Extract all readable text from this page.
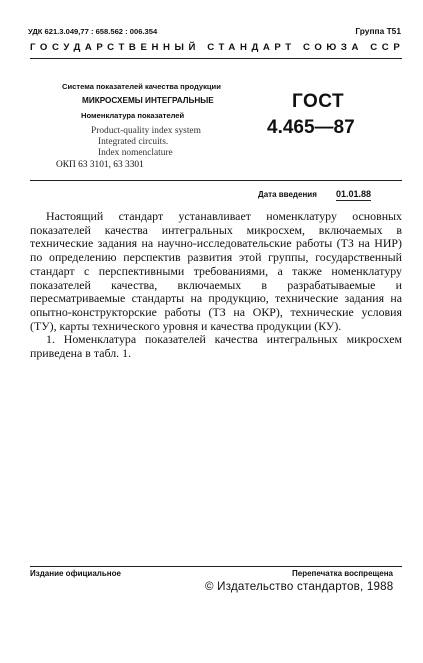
УДК 621.3.049,77 : 658.562 : 006.354	Группа Т51
ГОСУДАРСТВЕННЫЙ СТАНДАРТ СОЮЗА ССР
Система показателей качества продукции
МИКРОСХЕМЫ ИНТЕГРАЛЬНЫЕ
Номенклатура показателей
Product-quality index system
Integrated circuits.
Index nomenclature
ОКП 63 3101, 63 3301
ГОСТ
4.465—87
Дата введения 01.01.88

Настоящий стандарт устанавливает номенклатуру основных показателей качества интегральных микросхем, включаемых в технические задания на научно-исследовательские работы (ТЗ на НИР) по определению перспектив развития этой группы, государственный стандарт с перспективными требованиями, а также номенклатуру показателей качества, включаемых в разрабатываемые и пересматриваемые стандарты на продукцию, технические задания на опытно-конструкторские работы (ТЗ на ОКР), технические условия (ТУ), карты технического уровня и качества продукции (КУ).

1. Номенклатура показателей качества интегральных микросхем приведена в табл. 1.

Издание официальное	Перепечатка воспрещена
© Издательство стандартов, 1988
